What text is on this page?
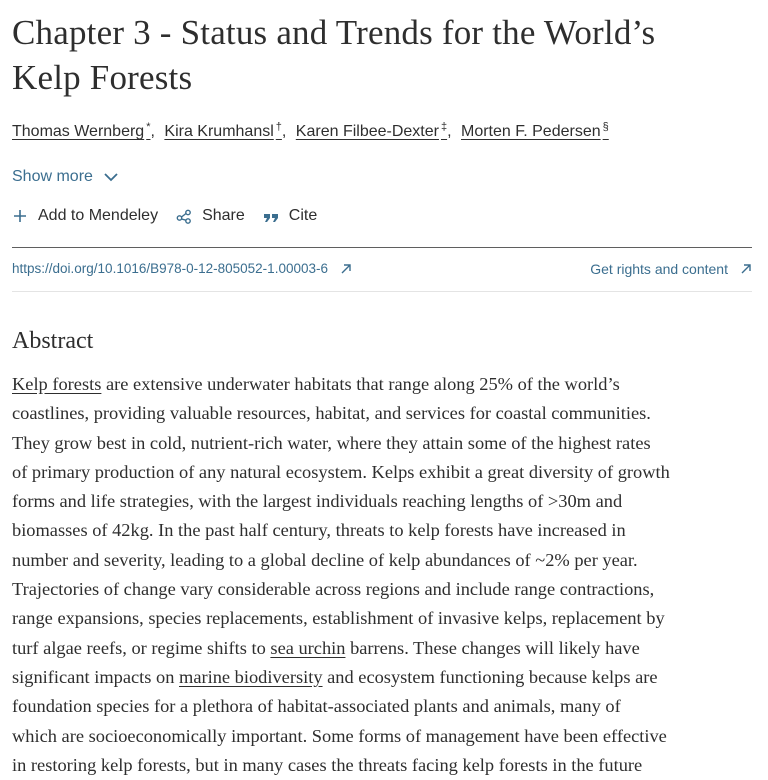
Chapter 3 - Status and Trends for the World’s
Kelp Forests
Thomas Wernberg *, Kira Krumhansl †, Karen Filbee-Dexter ‡, Morten F. Pedersen §
Show more
Add to Mendeley	Share	Cite
https://doi.org/10.1016/B978-0-12-805052-1.00003-6	Get rights and content
Abstract
Kelp forests are extensive underwater habitats that range along 25% of the world’s
coastlines, providing valuable resources, habitat, and services for coastal communities.
They grow best in cold, nutrient-rich water, where they attain some of the highest rates
of primary production of any natural ecosystem. Kelps exhibit a great diversity of growth
forms and life strategies, with the largest individuals reaching lengths of >30m and
biomasses of 42kg. In the past half century, threats to kelp forests have increased in
number and severity, leading to a global decline of kelp abundances of ~2% per year.
Trajectories of change vary considerable across regions and include range contractions,
range expansions, species replacements, establishment of invasive kelps, replacement by
turf algae reefs, or regime shifts to sea urchin barrens. These changes will likely have
significant impacts on marine biodiversity and ecosystem functioning because kelps are
foundation species for a plethora of habitat-associated plants and animals, many of
which are socioeconomically important. Some forms of management have been effective
in restoring kelp forests, but in many cases the threats facing kelp forests in the future
